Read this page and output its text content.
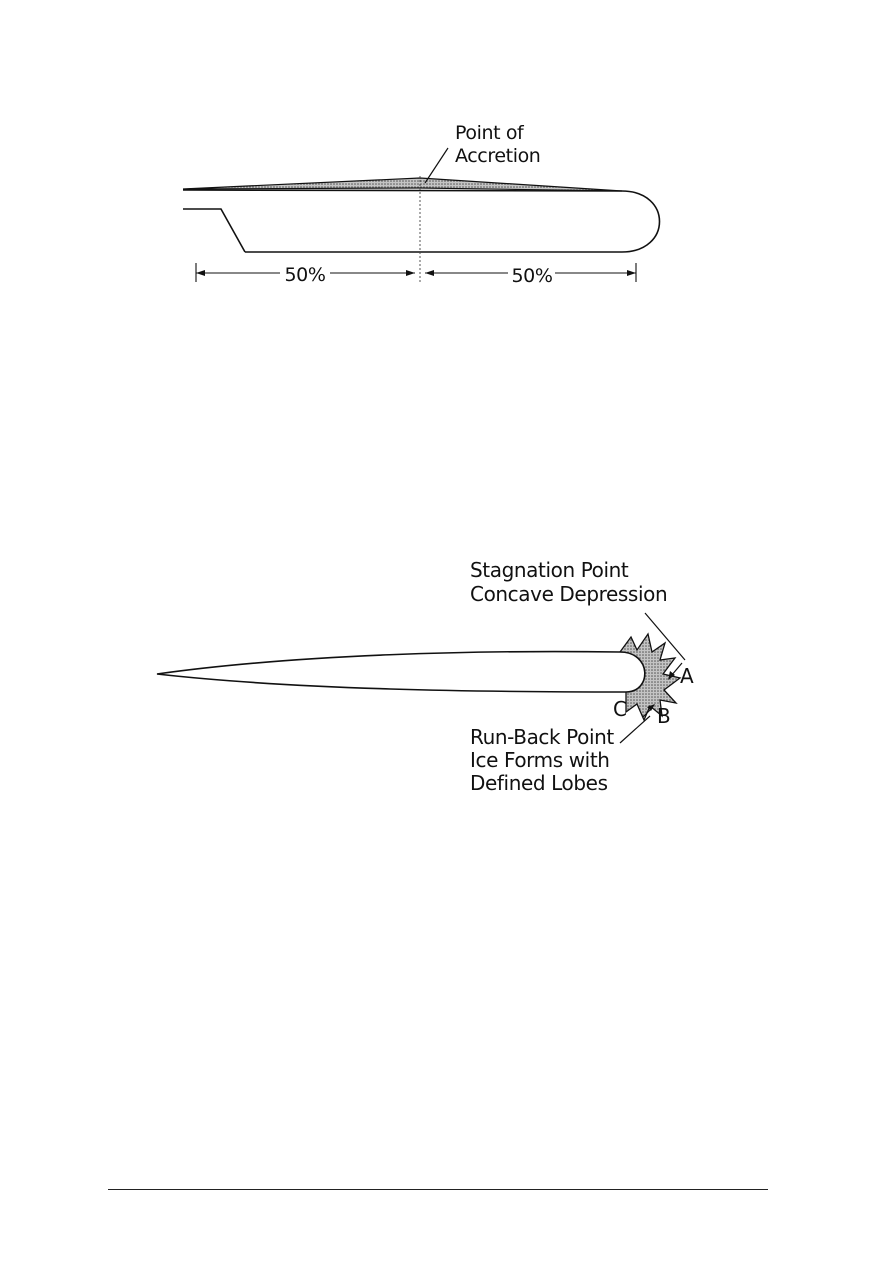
Point of
Accretion
50%	50%
Stagnation Point
Concave Depression
A
C B
Run-Back Point
Ice Forms with
Defined Lobes
